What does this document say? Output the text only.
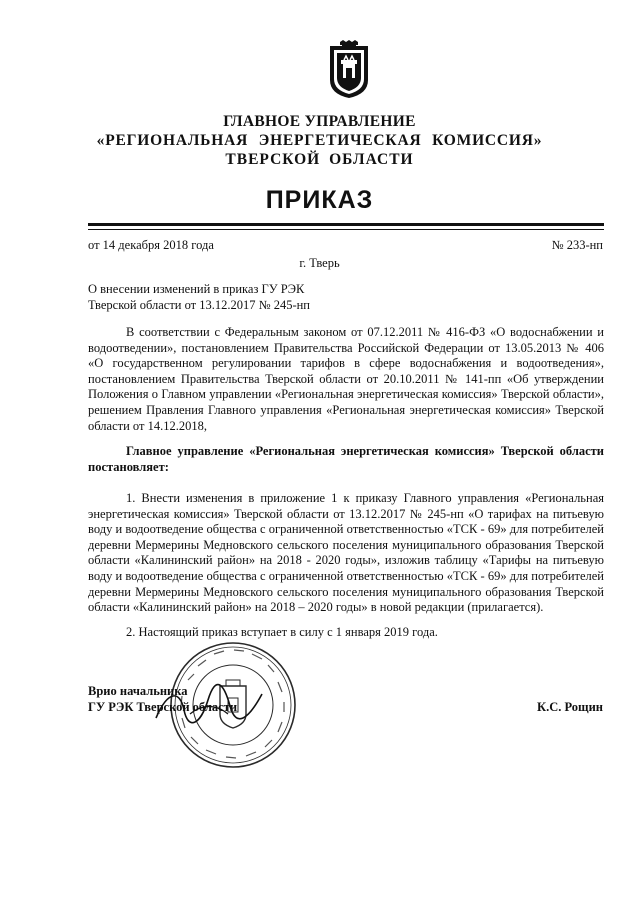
ГЛАВНОЕ УПРАВЛЕНИЕ
«РЕГИОНАЛЬНАЯ ЭНЕРГЕТИЧЕСКАЯ КОМИССИЯ»
ТВЕРСКОЙ ОБЛАСТИ
ПРИКАЗ
от 14 декабря 2018 года	№ 233-нп
г. Тверь
О внесении изменений в приказ ГУ РЭК
Тверской области от 13.12.2017 № 245-нп
В соответствии с Федеральным законом от 07.12.2011 № 416-ФЗ «О водоснабжении и водоотведении», постановлением Правительства Российской Федерации от 13.05.2013 № 406 «О государственном регулировании тарифов в сфере водоснабжения и водоотведения», постановлением Правительства Тверской области от 20.10.2011 № 141-пп «Об утверждении Положения о Главном управлении «Региональная энергетическая комиссия» Тверской области», решением Правления Главного управления «Региональная энергетическая комиссия» Тверской области от 14.12.2018,
Главное управление «Региональная энергетическая комиссия» Тверской области постановляет:
1. Внести изменения в приложение 1 к приказу Главного управления «Региональная энергетическая комиссия» Тверской области от 13.12.2017 № 245-нп «О тарифах на питьевую воду и водоотведение общества с ограниченной ответственностью «ТСК - 69» для потребителей деревни Мермерины Медновского сельского поселения муниципального образования Тверской области «Калининский район» на 2018 - 2020 годы», изложив таблицу «Тарифы на питьевую воду и водоотведение общества с ограниченной ответственностью «ТСК - 69» для потребителей деревни Мермерины Медновского сельского поселения муниципального образования Тверской области «Калининский район» на 2018 – 2020 годы» в новой редакции (прилагается).
2. Настоящий приказ вступает в силу с 1 января 2019 года.
Врио начальника
ГУ РЭК Тверской области	К.С. Рощин
